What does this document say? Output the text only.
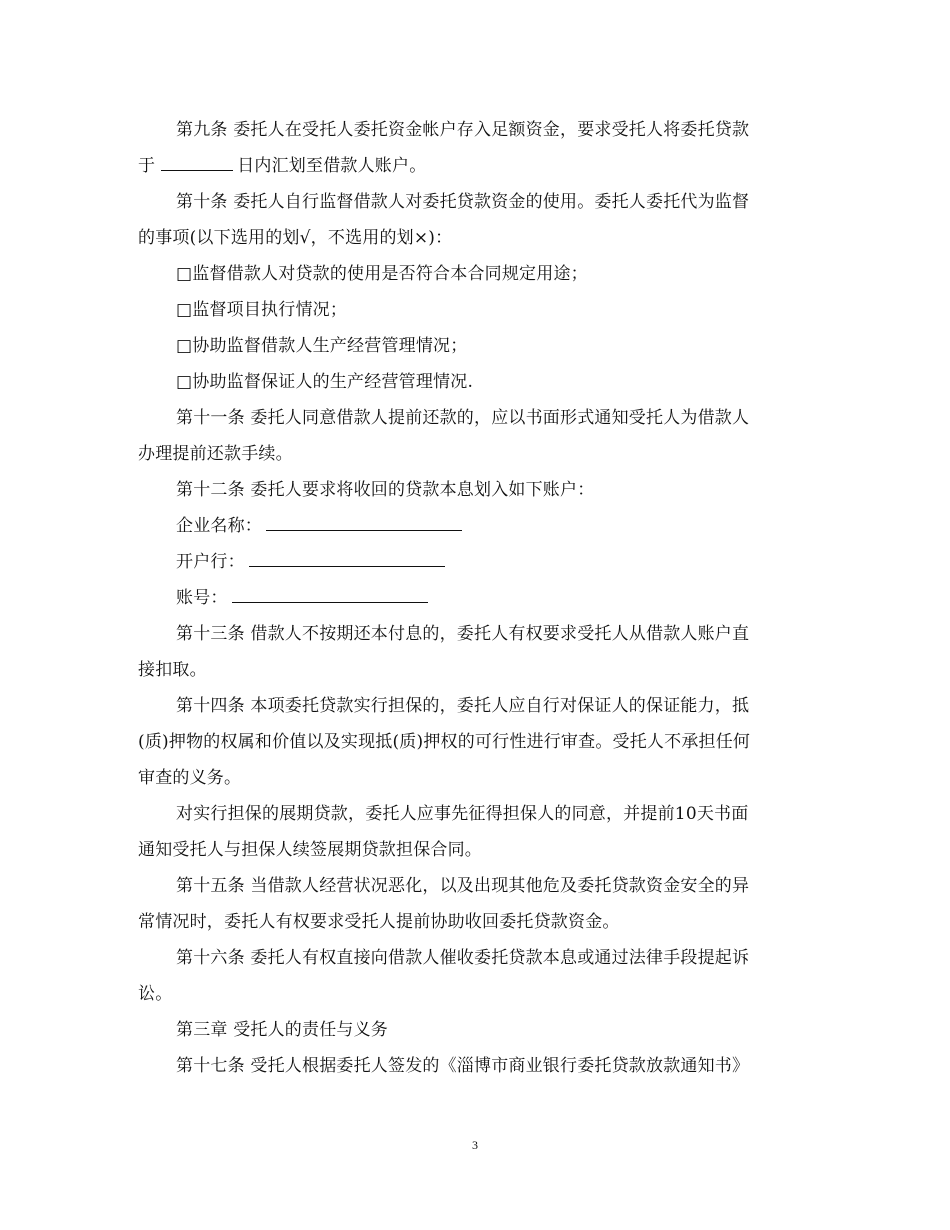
第九条 委托人在受托人委托资金帐户存入足额资金，要求受托人将委托贷款
于	日内汇划至借款人账户。
第十条 委托人自行监督借款人对委托贷款资金的使用。委托人委托代为监督
的事项(以下选用的划√，不选用的划×)：
□监督借款人对贷款的使用是否符合本合同规定用途；
□监督项目执行情况；
□协助监督借款人生产经营管理情况；
□协助监督保证人的生产经营管理情况.
第十一条 委托人同意借款人提前还款的，应以书面形式通知受托人为借款人
办理提前还款手续。
第十二条 委托人要求将收回的贷款本息划入如下账户：
企业名称：
开户行：
账号：
第十三条 借款人不按期还本付息的，委托人有权要求受托人从借款人账户直
接扣取。
第十四条 本项委托贷款实行担保的，委托人应自行对保证人的保证能力，抵
(质)押物的权属和价值以及实现抵(质)押权的可行性进行审查。受托人不承担任何
审查的义务。
对实行担保的展期贷款，委托人应事先征得担保人的同意，并提前10天书面
通知受托人与担保人续签展期贷款担保合同。
第十五条 当借款人经营状况恶化，以及出现其他危及委托贷款资金安全的异
常情况时，委托人有权要求受托人提前协助收回委托贷款资金。
第十六条 委托人有权直接向借款人催收委托贷款本息或通过法律手段提起诉
讼。
第三章 受托人的责任与义务
第十七条 受托人根据委托人签发的《淄博市商业银行委托贷款放款通知书》
3
